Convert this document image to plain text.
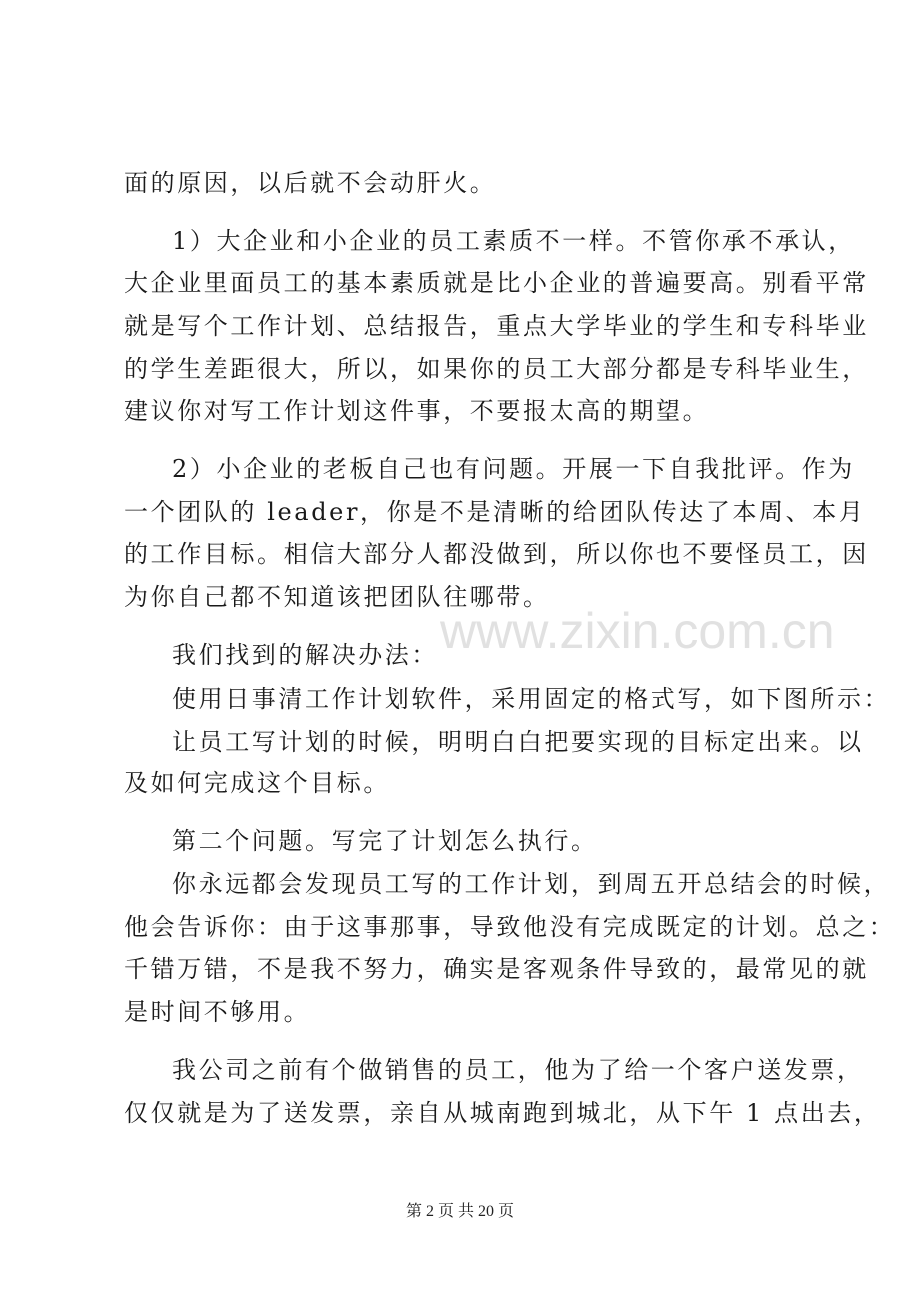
面的原因，以后就不会动肝火。
1）大企业和小企业的员工素质不一样。不管你承不承认，
大企业里面员工的基本素质就是比小企业的普遍要高。别看平常
就是写个工作计划、总结报告，重点大学毕业的学生和专科毕业
的学生差距很大，所以，如果你的员工大部分都是专科毕业生，
建议你对写工作计划这件事，不要报太高的期望。
2）小企业的老板自己也有问题。开展一下自我批评。作为
一个团队的 leader，你是不是清晰的给团队传达了本周、本月
的工作目标。相信大部分人都没做到，所以你也不要怪员工，因
为你自己都不知道该把团队往哪带。
我们找到的解决办法：
使用日事清工作计划软件，采用固定的格式写，如下图所示：
让员工写计划的时候，明明白白把要实现的目标定出来。以
及如何完成这个目标。
第二个问题。写完了计划怎么执行。
你永远都会发现员工写的工作计划，到周五开总结会的时候，
他会告诉你：由于这事那事，导致他没有完成既定的计划。总之：
千错万错，不是我不努力，确实是客观条件导致的，最常见的就
是时间不够用。
我公司之前有个做销售的员工，他为了给一个客户送发票，
仅仅就是为了送发票，亲自从城南跑到城北，从下午 1 点出去，
www.zixin.com.cn
第 2 页 共 20 页
